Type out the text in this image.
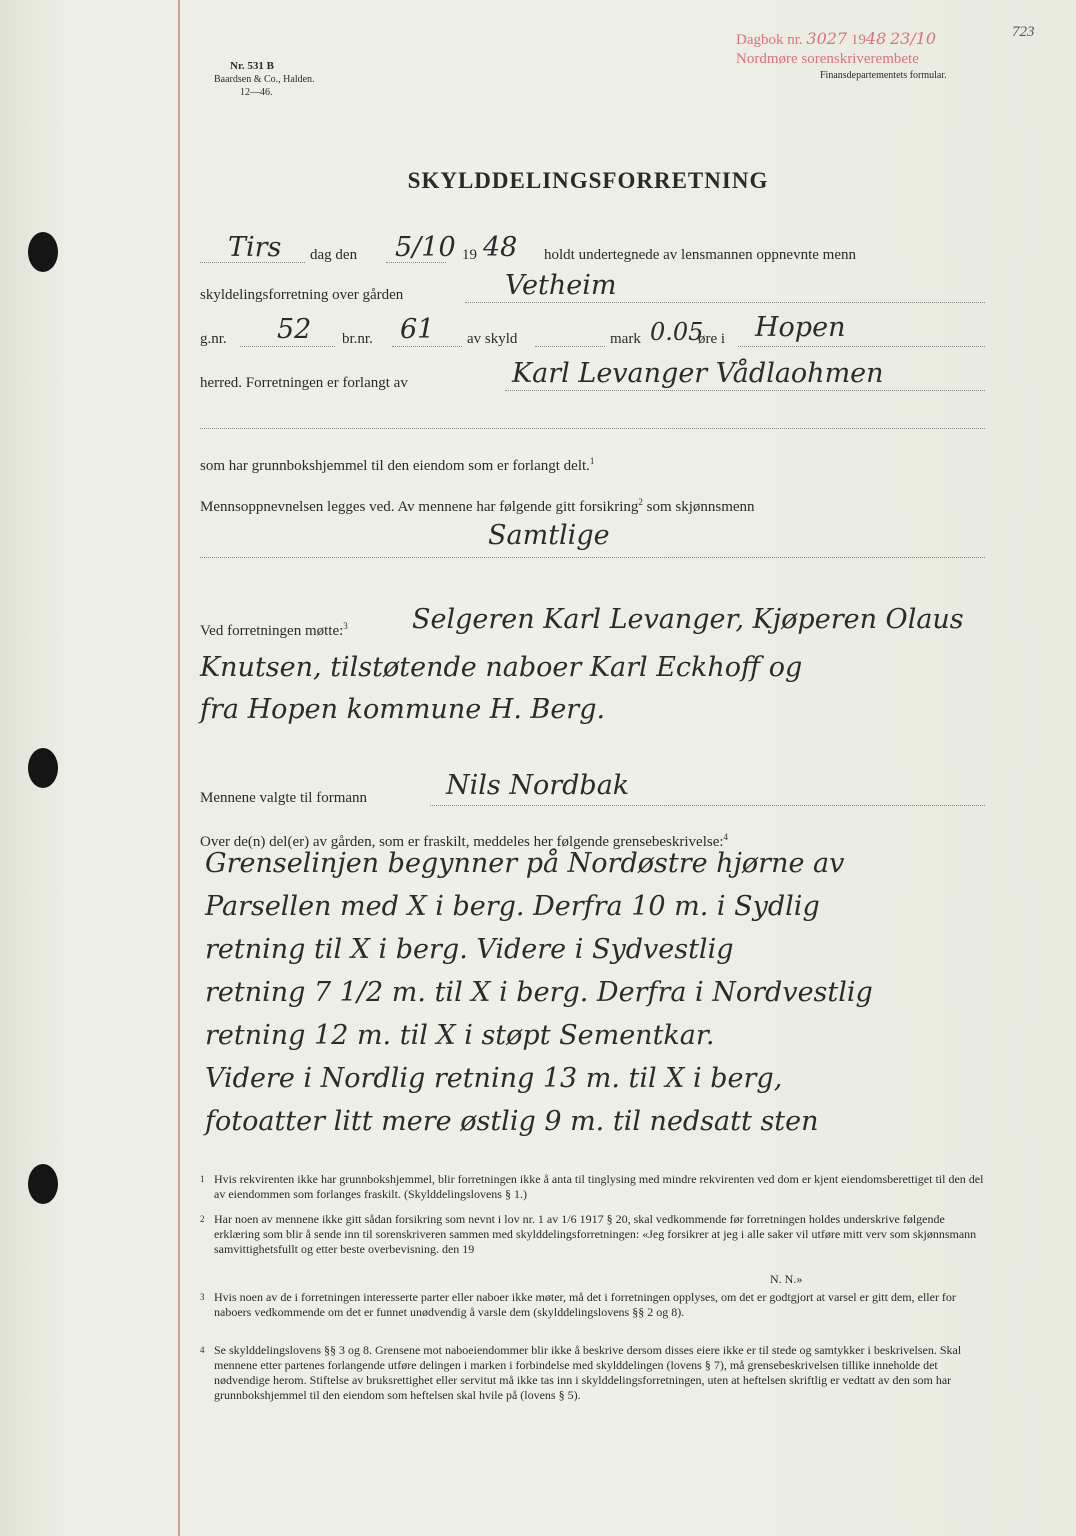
Nr. 531 B
Baardsen & Co., Halden.
12—46.
Dagbok nr. 3027 1948 23/10
Nordmøre sorenskriverembete
723
Finansdepartementets formular.
SKYLDDELINGSFORRETNING
Tirs dag den 5/10 19 48 holdt undertegnede av lensmannen oppnevnte menn
skyldelingsforretning over gården	Vetheim
g.nr. 52 br.nr. 61 av skyld	mark 0.05
øre i Hopen
herred. Forretningen er forlangt av	Karl Levanger Vådlaohmen
som har grunnbokshjemmel til den eiendom som er forlangt delt.$^1$
Mennsoppnevnelsen legges ved. Av mennene har følgende gitt forsikring$^2$ som skjønnsmenn
Samtlige
Ved forretningen møtte:$^3$ Selgeren Karl Levanger, Kjøperen Olaus
Knutsen, tilstøtende naboer Karl Eckhoff og
fra Hopen kommune H. Berg.
Mennene valgte til formann	Nils Nordbak
Over de(n) del(er) av gården, som er fraskilt, meddeles her følgende grensebeskrivelse:$^4$
Grenselinjen begynner på Nordøstre hjørne av
Parsellen med X i berg. Derfra 10 m. i Sydlig
retning til X i berg. Videre i Sydvestlig
retning 7 1/2 m. til X i berg. Derfra i Nordvestlig
retning 12 m. til X i støpt Sementkar.
Videre i Nordlig retning 13 m. til X i berg,
fotoatter litt mere østlig 9 m. til nedsatt sten
1 Hvis rekvirenten ikke har grunnbokshjemmel, blir forretningen ikke å anta til tinglysing med mindre rekvirenten ved dom er kjent eiendomsberettiget til den del av eiendommen som forlanges fraskilt. (Skylddelingslovens § 1.)
2 Har noen av mennene ikke gitt sådan forsikring som nevnt i lov nr. 1 av 1/6 1917 § 20, skal vedkommende før forretningen holdes underskrive følgende erklæring som blir å sende inn til sorenskriveren sammen med skylddelingsforretningen: «Jeg forsikrer at jeg i alle saker vil utføre mitt verv som skjønnsmann samvittighetsfullt og etter beste overbevisning. den 19
N. N.»
3 Hvis noen av de i forretningen interesserte parter eller naboer ikke møter, må det i forretningen opplyses, om det er godtgjort at varsel er gitt dem, eller for naboers vedkommende om det er funnet unødvendig å varsle dem (skylddelingslovens §§ 2 og 8).
4 Se skylddelingslovens §§ 3 og 8. Grensene mot naboeiendommer blir ikke å beskrive dersom disses eiere ikke er til stede og samtykker i beskrivelsen. Skal mennene etter partenes forlangende utføre delingen i marken i forbindelse med skylddelingen (lovens § 7), må grensebeskrivelsen tillike inneholde det nødvendige herom. Stiftelse av bruksrettighet eller servitut må ikke tas inn i skylddelingsforretningen, uten at heftelsen skriftlig er vedtatt av den som har grunnbokshjemmel til den eiendom som heftelsen skal hvile på (lovens § 5).
